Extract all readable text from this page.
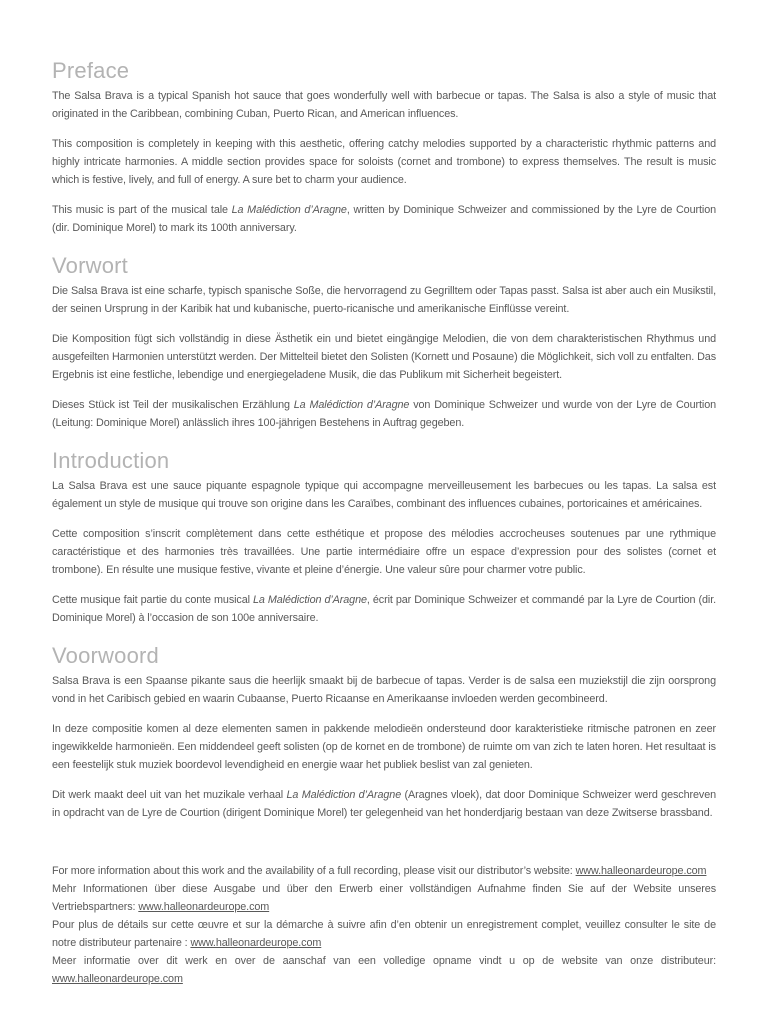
Preface

The Salsa Brava is a typical Spanish hot sauce that goes wonderfully well with barbecue or tapas. The Salsa is also a style of music that originated in the Caribbean, combining Cuban, Puerto Rican, and American influences.

This composition is completely in keeping with this aesthetic, offering catchy melodies supported by a characteristic rhythmic patterns and highly intricate harmonies. A middle section provides space for soloists (cornet and trombone) to express themselves. The result is music which is festive, lively, and full of energy. A sure bet to charm your audience.

This music is part of the musical tale La Malédiction d’Aragne, written by Dominique Schweizer and commissioned by the Lyre de Courtion (dir. Dominique Morel) to mark its 100th anniversary.

Vorwort

Die Salsa Brava ist eine scharfe, typisch spanische Soße, die hervorragend zu Gegrilltem oder Tapas passt. Salsa ist aber auch ein Musikstil, der seinen Ursprung in der Karibik hat und kubanische, puerto-ricanische und amerikanische Einflüsse vereint.

Die Komposition fügt sich vollständig in diese Ästhetik ein und bietet eingängige Melodien, die von dem charakteristischen Rhythmus und ausgefeilten Harmonien unterstützt werden. Der Mittelteil bietet den Solisten (Kornett und Posaune) die Möglichkeit, sich voll zu entfalten. Das Ergebnis ist eine festliche, lebendige und energiegeladene Musik, die das Publikum mit Sicherheit begeistert.

Dieses Stück ist Teil der musikalischen Erzählung La Malédiction d’Aragne von Dominique Schweizer und wurde von der Lyre de Courtion (Leitung: Dominique Morel) anlässlich ihres 100-jährigen Bestehens in Auftrag gegeben.

Introduction

La Salsa Brava est une sauce piquante espagnole typique qui accompagne merveilleusement les barbecues ou les tapas. La salsa est également un style de musique qui trouve son origine dans les Caraïbes, combinant des influences cubaines, portoricaines et américaines.

Cette composition s’inscrit complètement dans cette esthétique et propose des mélodies accrocheuses soutenues par une rythmique caractéristique et des harmonies très travaillées. Une partie intermédiaire offre un espace d’expression pour des solistes (cornet et trombone). En résulte une musique festive, vivante et pleine d’énergie. Une valeur sûre pour charmer votre public.

Cette musique fait partie du conte musical La Malédiction d’Aragne, écrit par Dominique Schweizer et commandé par la Lyre de Courtion (dir. Dominique Morel) à l’occasion de son 100e anniversaire.

Voorwoord

Salsa Brava is een Spaanse pikante saus die heerlijk smaakt bij de barbecue of tapas. Verder is de salsa een muziekstijl die zijn oorsprong vond in het Caribisch gebied en waarin Cubaanse, Puerto Ricaanse en Amerikaanse invloeden werden gecombineerd.

In deze compositie komen al deze elementen samen in pakkende melodieën ondersteund door karakteristieke ritmische patronen en zeer ingewikkelde harmonieën. Een middendeel geeft solisten (op de kornet en de trombone) de ruimte om van zich te laten horen. Het resultaat is een feestelijk stuk muziek boordevol levendigheid en energie waar het publiek beslist van zal genieten.

Dit werk maakt deel uit van het muzikale verhaal La Malédiction d’Aragne (Aragnes vloek), dat door Dominique Schweizer werd geschreven in opdracht van de Lyre de Courtion (dirigent Dominique Morel) ter gelegenheid van het honderdjarig bestaan van deze Zwitserse brassband.

For more information about this work and the availability of a full recording, please visit our distributor’s website: www.halleonardeurope.com

Mehr Informationen über diese Ausgabe und über den Erwerb einer vollständigen Aufnahme finden Sie auf der Website unseres Vertriebspartners: www.halleonardeurope.com

Pour plus de détails sur cette œuvre et sur la démarche à suivre afin d’en obtenir un enregistrement complet, veuillez consulter le site de notre distributeur partenaire : www.halleonardeurope.com

Meer informatie over dit werk en over de aanschaf van een volledige opname vindt u op de website van onze distributeur: www.halleonardeurope.com
